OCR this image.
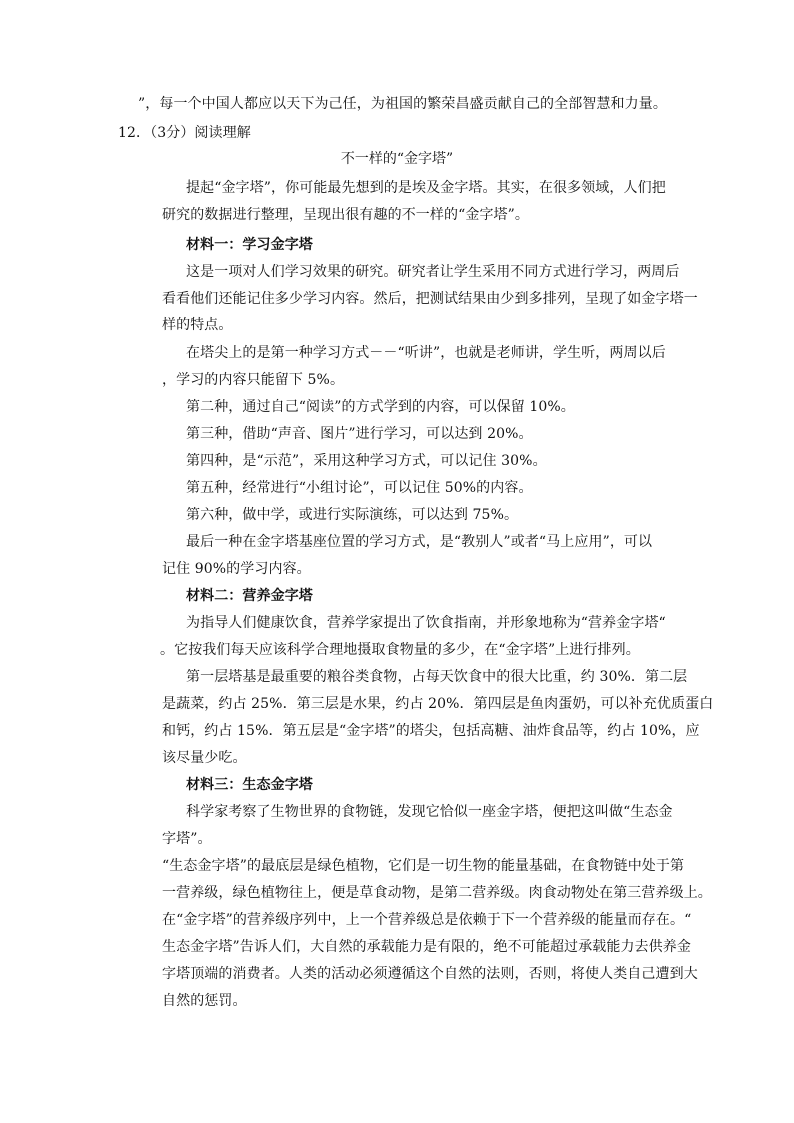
”，每一个中国人都应以天下为己任，为祖国的繁荣昌盛贡献自己的全部智慧和力量。
12．（3分）阅读理解
不一样的“金字塔”
提起“金字塔”，你可能最先想到的是埃及金字塔。其实，在很多领域，人们把
研究的数据进行整理，呈现出很有趣的不一样的“金字塔”。
材料一：学习金字塔
这是一项对人们学习效果的研究。研究者让学生采用不同方式进行学习，两周后
看看他们还能记住多少学习内容。然后，把测试结果由少到多排列，呈现了如金字塔一
样的特点。
在塔尖上的是第一种学习方式－－“听讲”，也就是老师讲，学生听，两周以后
，学习的内容只能留下 5%。
第二种，通过自己“阅读”的方式学到的内容，可以保留 10%。
第三种，借助“声音、图片”进行学习，可以达到 20%。
第四种，是“示范”，采用这种学习方式，可以记住 30%。
第五种，经常进行“小组讨论”，可以记住 50%的内容。
第六种，做中学，或进行实际演练，可以达到 75%。
最后一种在金字塔基座位置的学习方式，是“教别人”或者“马上应用”，可以
记住 90%的学习内容。
材料二：营养金字塔
为指导人们健康饮食，营养学家提出了饮食指南，并形象地称为“营养金字塔“
。它按我们每天应该科学合理地摄取食物量的多少，在“金字塔”上进行排列。
第一层塔基是最重要的粮谷类食物，占每天饮食中的很大比重，约 30%．第二层
是蔬菜，约占 25%．第三层是水果，约占 20%．第四层是鱼肉蛋奶，可以补充优质蛋白
和钙，约占 15%．第五层是“金字塔”的塔尖，包括高糖、油炸食品等，约占 10%，应
该尽量少吃。
材料三：生态金字塔
科学家考察了生物世界的食物链，发现它恰似一座金字塔，便把这叫做“生态金
字塔”。
“生态金字塔”的最底层是绿色植物，它们是一切生物的能量基础，在食物链中处于第
一营养级，绿色植物往上，便是草食动物，是第二营养级。肉食动物处在第三营养级上。
在“金字塔”的营养级序列中，上一个营养级总是依赖于下一个营养级的能量而存在。“
生态金字塔”告诉人们，大自然的承载能力是有限的，绝不可能超过承载能力去供养金
字塔顶端的消费者。人类的活动必须遵循这个自然的法则，否则，将使人类自己遭到大
自然的惩罚。
